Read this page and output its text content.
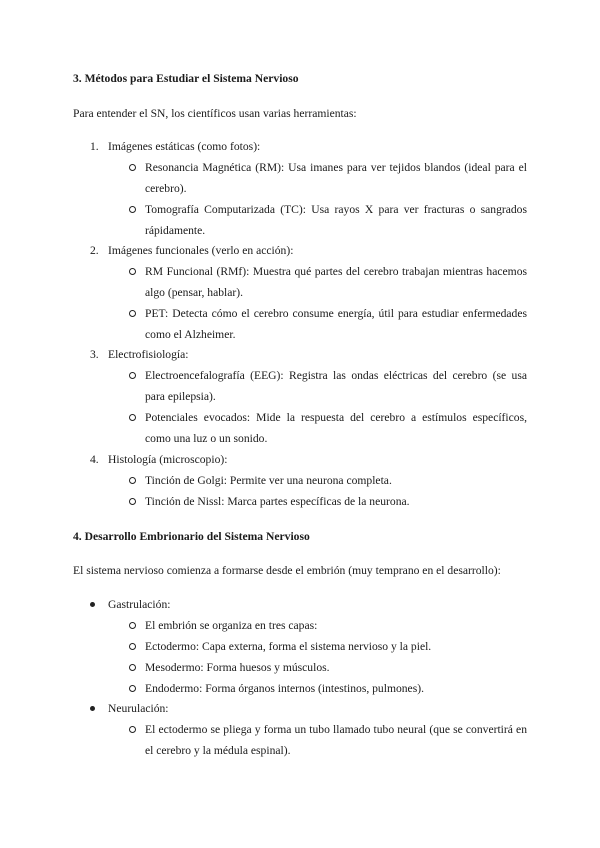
3. Métodos para Estudiar el Sistema Nervioso
Para entender el SN, los científicos usan varias herramientas:
1. Imágenes estáticas (como fotos):
Resonancia Magnética (RM): Usa imanes para ver tejidos blandos (ideal para el cerebro).
Tomografía Computarizada (TC): Usa rayos X para ver fracturas o sangrados rápidamente.
2. Imágenes funcionales (verlo en acción):
RM Funcional (RMf): Muestra qué partes del cerebro trabajan mientras hacemos algo (pensar, hablar).
PET: Detecta cómo el cerebro consume energía, útil para estudiar enfermedades como el Alzheimer.
3. Electrofisiología:
Electroencefalografía (EEG): Registra las ondas eléctricas del cerebro (se usa para epilepsia).
Potenciales evocados: Mide la respuesta del cerebro a estímulos específicos, como una luz o un sonido.
4. Histología (microscopio):
Tinción de Golgi: Permite ver una neurona completa.
Tinción de Nissl: Marca partes específicas de la neurona.
4. Desarrollo Embrionario del Sistema Nervioso
El sistema nervioso comienza a formarse desde el embrión (muy temprano en el desarrollo):
Gastrulación:
El embrión se organiza en tres capas:
Ectodermo: Capa externa, forma el sistema nervioso y la piel.
Mesodermo: Forma huesos y músculos.
Endodermo: Forma órganos internos (intestinos, pulmones).
Neurulación:
El ectodermo se pliega y forma un tubo llamado tubo neural (que se convertirá en el cerebro y la médula espinal).
